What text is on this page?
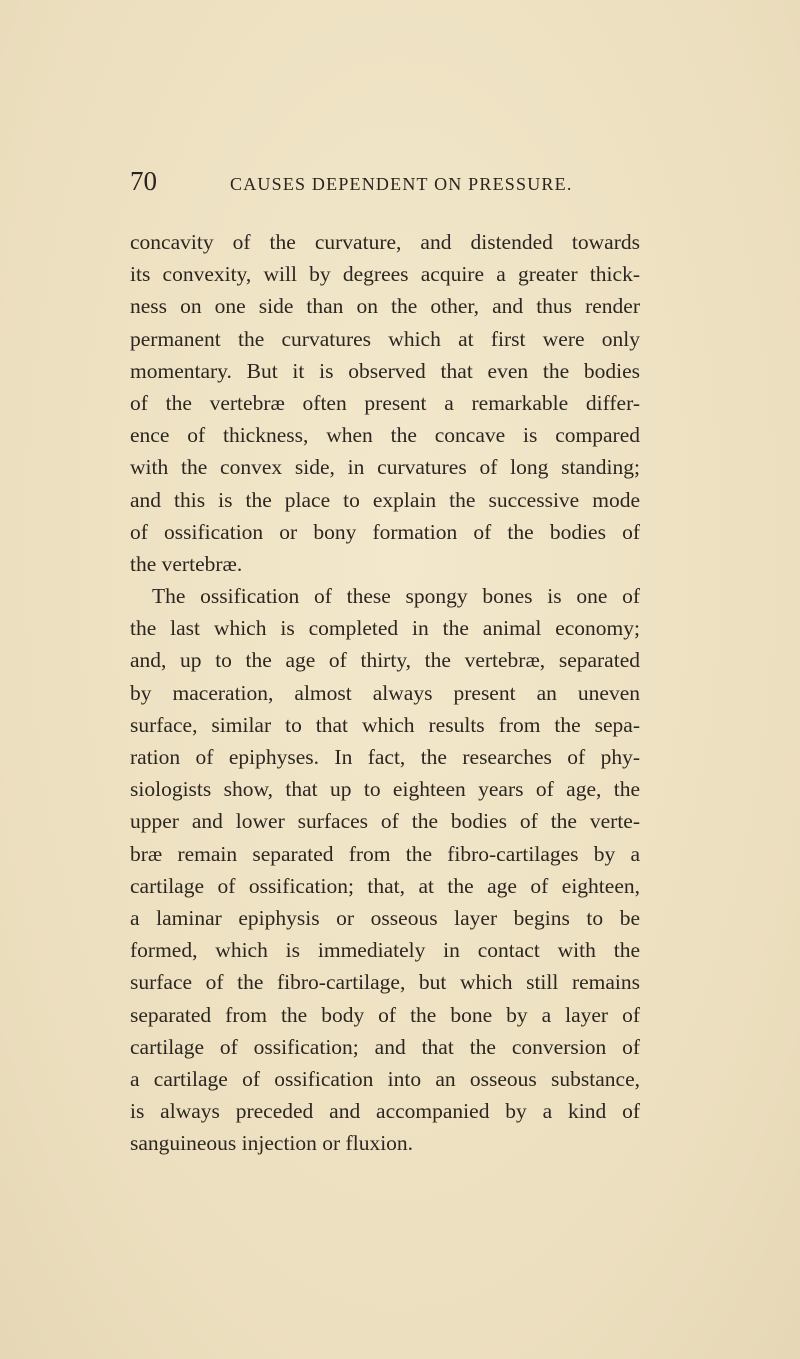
70	CAUSES DEPENDENT ON PRESSURE.
concavity of the curvature, and distended towards
its convexity, will by degrees acquire a greater thick-
ness on one side than on the other, and thus render
permanent the curvatures which at first were only
momentary. But it is observed that even the bodies
of the vertebræ often present a remarkable differ-
ence of thickness, when the concave is compared
with the convex side, in curvatures of long standing;
and this is the place to explain the successive mode
of ossification or bony formation of the bodies of
the vertebræ.
The ossification of these spongy bones is one of
the last which is completed in the animal economy;
and, up to the age of thirty, the vertebræ, separated
by maceration, almost always present an uneven
surface, similar to that which results from the sepa-
ration of epiphyses. In fact, the researches of phy-
siologists show, that up to eighteen years of age, the
upper and lower surfaces of the bodies of the verte-
bræ remain separated from the fibro-cartilages by a
cartilage of ossification; that, at the age of eighteen,
a laminar epiphysis or osseous layer begins to be
formed, which is immediately in contact with the
surface of the fibro-cartilage, but which still remains
separated from the body of the bone by a layer of
cartilage of ossification; and that the conversion of
a cartilage of ossification into an osseous substance,
is always preceded and accompanied by a kind of
sanguineous injection or fluxion.
